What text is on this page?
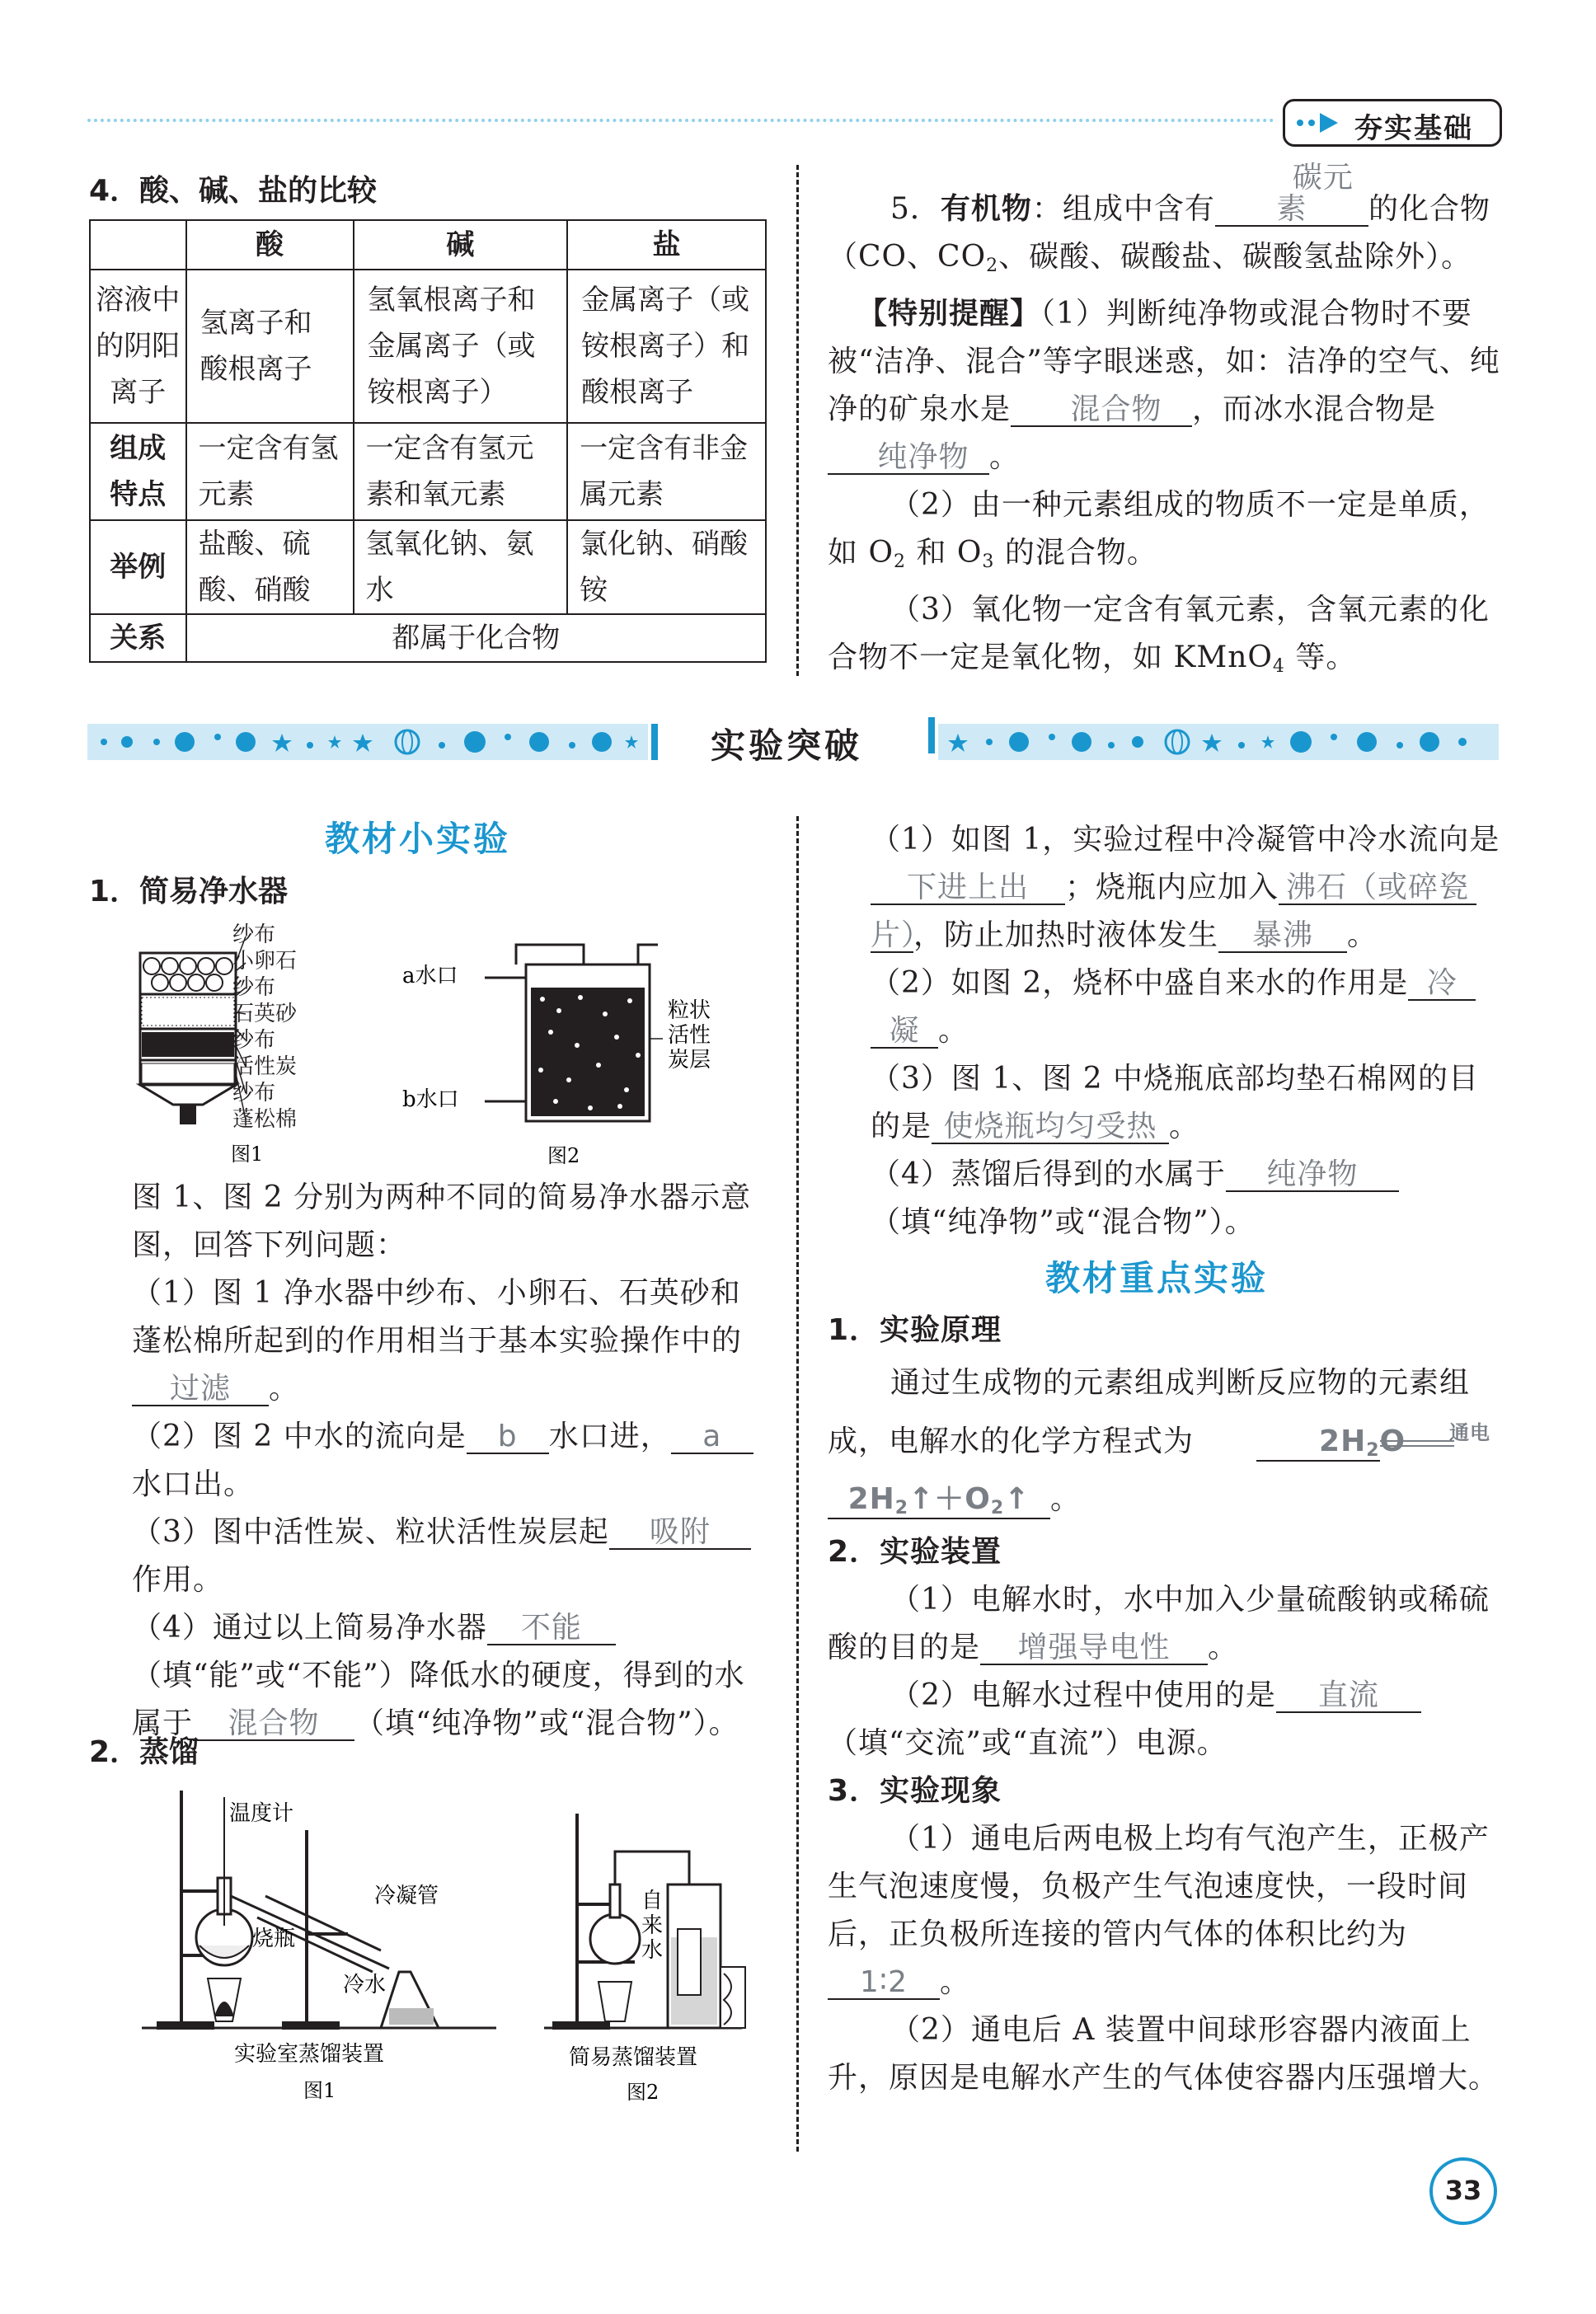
夯实基础
4．酸、碱、盐的比较
	酸	碱	盐
溶液中的阴阳离子	氢离子和酸根离子	氢氧根离子和金属离子（或铵根离子）	金属离子（或铵根离子）和酸根离子
组成特点	一定含有氢元素	一定含有氢元素和氧元素	一定含有非金属元素
举例	盐酸、硫酸、硝酸	氢氧化钠、氨水	氯化钠、硝酸铵
关系	都属于化合物		
5．有机物：组成中含有碳元素 的化合物（CO、$CO_2$、碳酸、碳酸盐、碳酸氢盐除外）。
【特别提醒】（1）判断纯净物或混合物时不要被“洁净、混合”等字眼迷惑，如：洁净的空气、纯净的矿泉水是 混合物 ，而冰水混合物是纯净物 。
（2）由一种元素组成的物质不一定是单质，如 $O_2$ 和 $O_3$ 的混合物。
（3）氧化物一定含有氧元素，含氧元素的化合物不一定是氧化物，如 KMnO$_4$ 等。
实验突破
教材小实验
1．简易净水器
图1
纱布
小卵石
纱布
石英砂
纱布
活性炭
纱布
蓬松棉
a水口
b水口
粒状
活性
炭层
图2
图 1、图 2 分别为两种不同的简易净水器示意图，回答下列问题：
（1）图 1 净水器中纱布、小卵石、石英砂和蓬松棉所起到的作用相当于基本实验操作中的过滤 。
（2）图 2 中水的流向是 b 水口进， a水口出。
（3）图中活性炭、粒状活性炭层起 吸附作用。
（4）通过以上简易净水器 不能（填“能”或“不能”）降低水的硬度，得到的水属于 混合物 （填“纯净物”或“混合物”）。
2．蒸馏
温度计
冷凝管
烧瓶
冷水
实验室蒸馏装置
图1
自
来
水
简易蒸馏装置
图2
（1）如图 1，实验过程中冷凝管中冷水流向是下进上出 ；烧瓶内应加入 沸石（或碎瓷片），防止加热时液体发生 暴沸 。
（2）如图 2，烧杯中盛自来水的作用是 冷凝 。
（3）图 1、图 2 中烧瓶底部均垫石棉网的目的是 使烧瓶均匀受热 。
（4）蒸馏后得到的水属于 纯净物（填“纯净物”或“混合物”）。
教材重点实验
1．实验原理
通过生成物的元素组成判断反应物的元素组成，电解水的化学方程式为	$2H_2O$	通电

$2H_2↑+O_2↑$ 。
2．实验装置
（1）电解水时，水中加入少量硫酸钠或稀硫酸的目的是 增强导电性 。
（2）电解水过程中使用的是 直流（填“交流”或“直流”）电源。
3．实验现象
（1）通电后两电极上均有气泡产生，正极产生气泡速度慢，负极产生气泡速度快，一段时间后，正负极所连接的管内气体的体积比约为1∶2 。
（2）通电后 A 装置中间球形容器内液面上升，原因是电解水产生的气体使容器内压强增大。
33
